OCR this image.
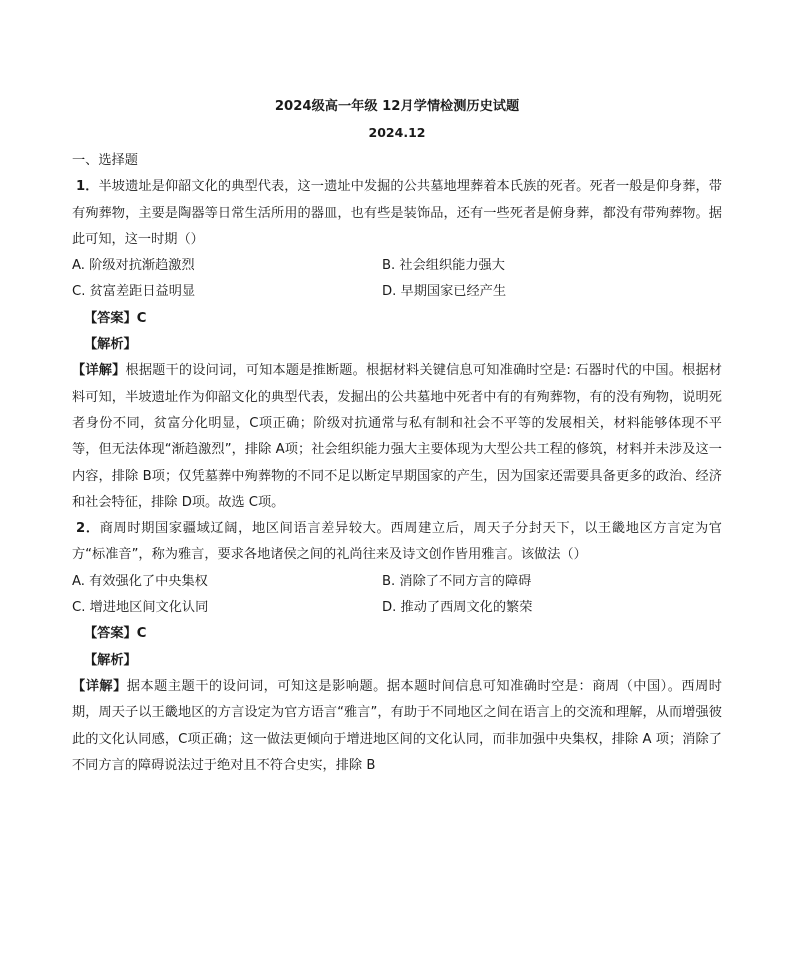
2024级高一年级 12月学情检测历史试题

2024.12

一、选择题

1．半坡遗址是仰韶文化的典型代表，这一遗址中发掘的公共墓地埋葬着本氏族的死者。死者一般是仰身葬，带有殉葬物，主要是陶器等日常生活所用的器皿，也有些是装饰品，还有一些死者是俯身葬，都没有带殉葬物。据此可知，这一时期（）

A. 阶级对抗渐趋激烈	B. 社会组织能力强大
C. 贫富差距日益明显	D. 早期国家已经产生

【答案】C

【解析】

【详解】根据题干的设问词，可知本题是推断题。根据材料关键信息可知准确时空是: 石器时代的中国。根据材料可知，半坡遗址作为仰韶文化的典型代表，发掘出的公共墓地中死者中有的有殉葬物，有的没有殉物，说明死者身份不同，贫富分化明显，C项正确；阶级对抗通常与私有制和社会不平等的发展相关，材料能够体现不平等，但无法体现“渐趋激烈”，排除 A项；社会组织能力强大主要体现为大型公共工程的修筑，材料并未涉及这一内容，排除 B项；仅凭墓葬中殉葬物的不同不足以断定早期国家的产生，因为国家还需要具备更多的政治、经济和社会特征，排除 D项。故选 C项。

2．商周时期国家疆域辽阔，地区间语言差异较大。西周建立后，周天子分封天下，以王畿地区方言定为官方“标准音”，称为雅言，要求各地诸侯之间的礼尚往来及诗文创作皆用雅言。该做法（）

A. 有效强化了中央集权	B. 消除了不同方言的障碍
C. 增进地区间文化认同	D. 推动了西周文化的繁荣

【答案】C

【解析】

【详解】据本题主题干的设问词，可知这是影响题。据本题时间信息可知准确时空是：商周（中国）。西周时期，周天子以王畿地区的方言设定为官方语言“雅言”，有助于不同地区之间在语言上的交流和理解，从而增强彼此的文化认同感，C项正确；这一做法更倾向于增进地区间的文化认同，而非加强中央集权，排除 A 项；消除了不同方言的障碍说法过于绝对且不符合史实，排除 B
